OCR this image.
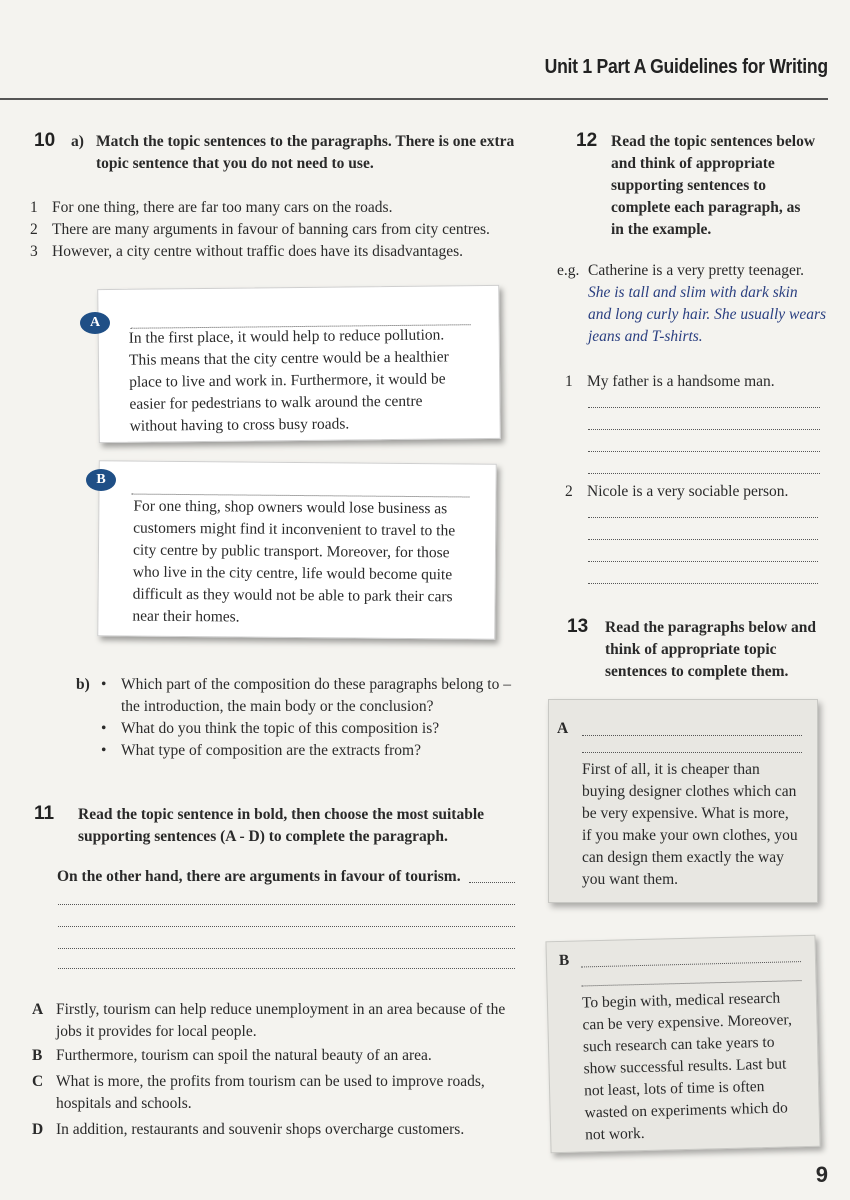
Unit 1 Part A Guidelines for Writing
10 a) Match the topic sentences to the paragraphs. There is one extra
topic sentence that you do not need to use.
1 For one thing, there are far too many cars on the roads.
2 There are many arguments in favour of banning cars from city centres.
3 However, a city centre without traffic does have its disadvantages.
In the first place, it would help to reduce pollution.
This means that the city centre would be a healthier
place to live and work in. Furthermore, it would be
easier for pedestrians to walk around the centre
without having to cross busy roads.
A
For one thing, shop owners would lose business as
customers might find it inconvenient to travel to the
city centre by public transport. Moreover, for those
who live in the city centre, life would become quite
difficult as they would not be able to park their cars
near their homes.
B
b) • Which part of the composition do these paragraphs belong to –
the introduction, the main body or the conclusion?
• What do you think the topic of this composition is?
• What type of composition are the extracts from?
11 Read the topic sentence in bold, then choose the most suitable
supporting sentences (A - D) to complete the paragraph.
On the other hand, there are arguments in favour of tourism.
A Firstly, tourism can help reduce unemployment in an area because of the
jobs it provides for local people.
B Furthermore, tourism can spoil the natural beauty of an area.
C What is more, the profits from tourism can be used to improve roads,
hospitals and schools.
D In addition, restaurants and souvenir shops overcharge customers.
12 Read the topic sentences below
and think of appropriate
supporting sentences to
complete each paragraph, as
in the example.
e.g. Catherine is a very pretty teenager.
She is tall and slim with dark skin
and long curly hair. She usually wears
jeans and T-shirts.
1 My father is a handsome man.
2 Nicole is a very sociable person.
13 Read the paragraphs below and
think of appropriate topic
sentences to complete them.
A
First of all, it is cheaper than
buying designer clothes which can
be very expensive. What is more,
if you make your own clothes, you
can design them exactly the way
you want them.
B
To begin with, medical research
can be very expensive. Moreover,
such research can take years to
show successful results. Last but
not least, lots of time is often
wasted on experiments which do
not work.
9
